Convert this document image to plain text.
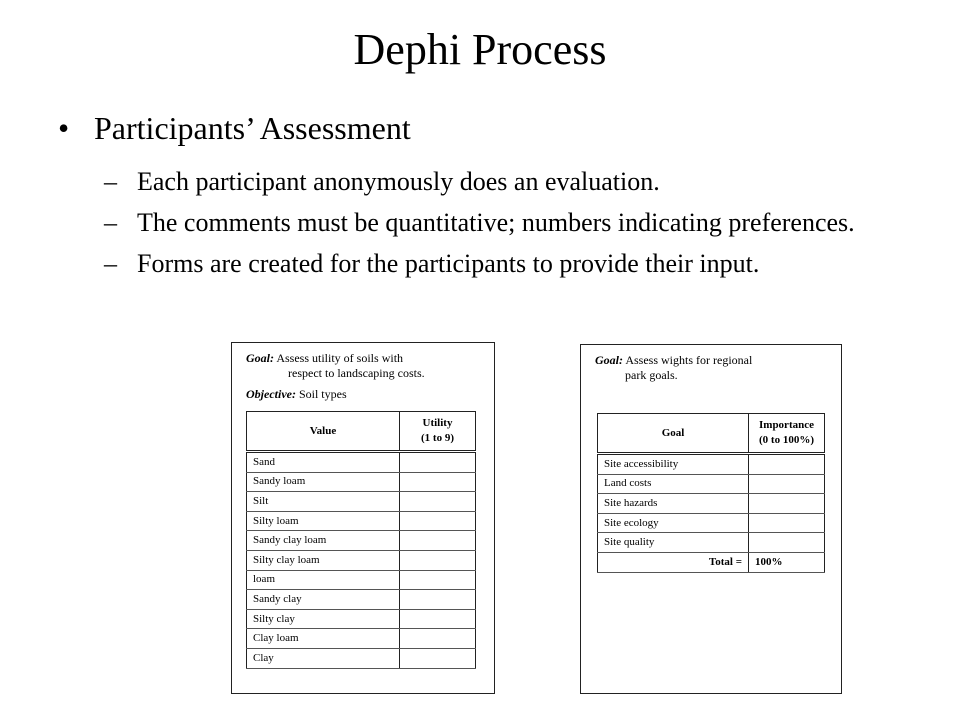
Dephi Process
• Participants’ Assessment
– Each participant anonymously does an evaluation.
– The comments must be quantitative; numbers indicating preferences.
– Forms are created for the participants to provide their input.
Goal: Assess utility of soils with
respect to landscaping costs.
Objective: Soil types
Value	Utility
(1 to 9)
Sand	
Sandy loam	
Silt	
Silty loam	
Sandy clay loam	
Silty clay loam	
loam	
Sandy clay	
Silty clay	
Clay loam	
Clay	
Goal: Assess wights for regional
park goals.
Goal	Importance
(0 to 100%)
Site accessibility	
Land costs	
Site hazards	
Site ecology	
Site quality	
Total =	100%
